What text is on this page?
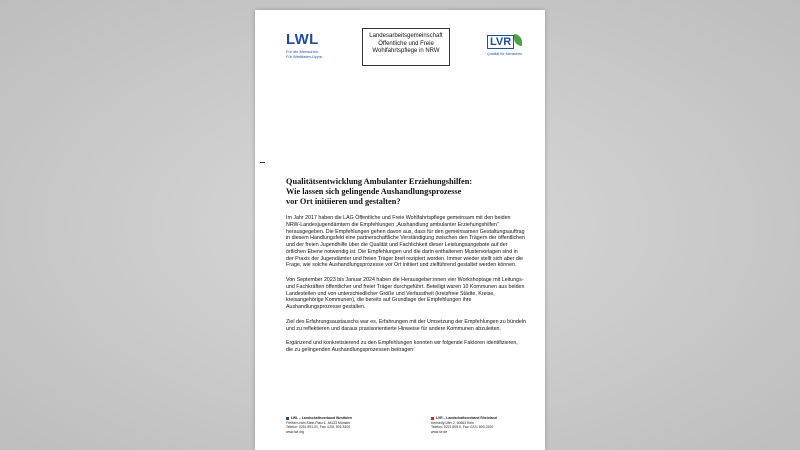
LWL
Für die Menschen.
Für Westfalen-Lippe.
Landesarbeitsgemeinschaft
Öffentliche und Freie
Wohlfahrtspflege in NRW
LVR
Qualität für Menschen
Qualitätsentwicklung Ambulanter Erziehungshilfen:
Wie lassen sich gelingende Aushandlungsprozesse
vor Ort initiieren und gestalten?

Im Jahr 2017 haben die LAG Öffentliche und Freie Wohlfahrtspflege gemeinsam mit den beiden NRW-Landesjugendämtern die Empfehlungen „Aushandlung ambulanter Erziehungshilfen" herausgegeben. Die Empfehlungen gehen davon aus, dass für den gemeinsamen Gestaltungsauftrag in diesem Handlungsfeld eine partnerschaftliche Verständigung zwischen den Trägern der öffentlichen und der freien Jugendhilfe über die Qualität und Fachlichkeit dieser Leistungsangebote auf der örtlichen Ebene notwendig ist. Die Empfehlungen und die darin enthaltenen Mustervorlagen sind in der Praxis der Jugendämter und freien Träger breit rezipiert worden. Immer wieder stellt sich aber die Frage, wie solche Aushandlungsprozesse vor Ort initiiert und zielführend gestaltet werden können.

Von September 2023 bis Januar 2024 haben die Herausgeber:innen vier Workshoptage mit Leitungs- und Fachkräften öffentlicher und freier Träger durchgeführt. Beteiligt waren 10 Kommunen aus beiden Landesteilen und von unterschiedlicher Größe und Verfasstheit (kreisfreie Städte, Kreise, kreisangehörige Kommunen), die bereits auf Grundlage der Empfehlungen ihre Aushandlungsprozesse gestalten.

Ziel des Erfahrungsaustauschs war es, Erfahrungen mit der Umsetzung der Empfehlungen zu bündeln und zu reflektieren und daraus praxisorientierte Hinweise für andere Kommunen abzuleiten.

Ergänzend und konkretisierend zu den Empfehlungen konnten wir folgende Faktoren identifizieren, die zu gelingenden Aushandlungsprozessen beitragen:

LWL – Landschaftsverband Westfalen
Freiherr-vom-Stein-Platz 1, 48133 Münster
Telefon: 0251 591-01, Fax: 0251 591-3300
www.lwl.org
LVR – Landschaftsverband Rheinland
Kennedy-Ufer 2, 50663 Köln
Telefon: 0221 809-0, Fax: 0221 809-2200
www.lvr.de
